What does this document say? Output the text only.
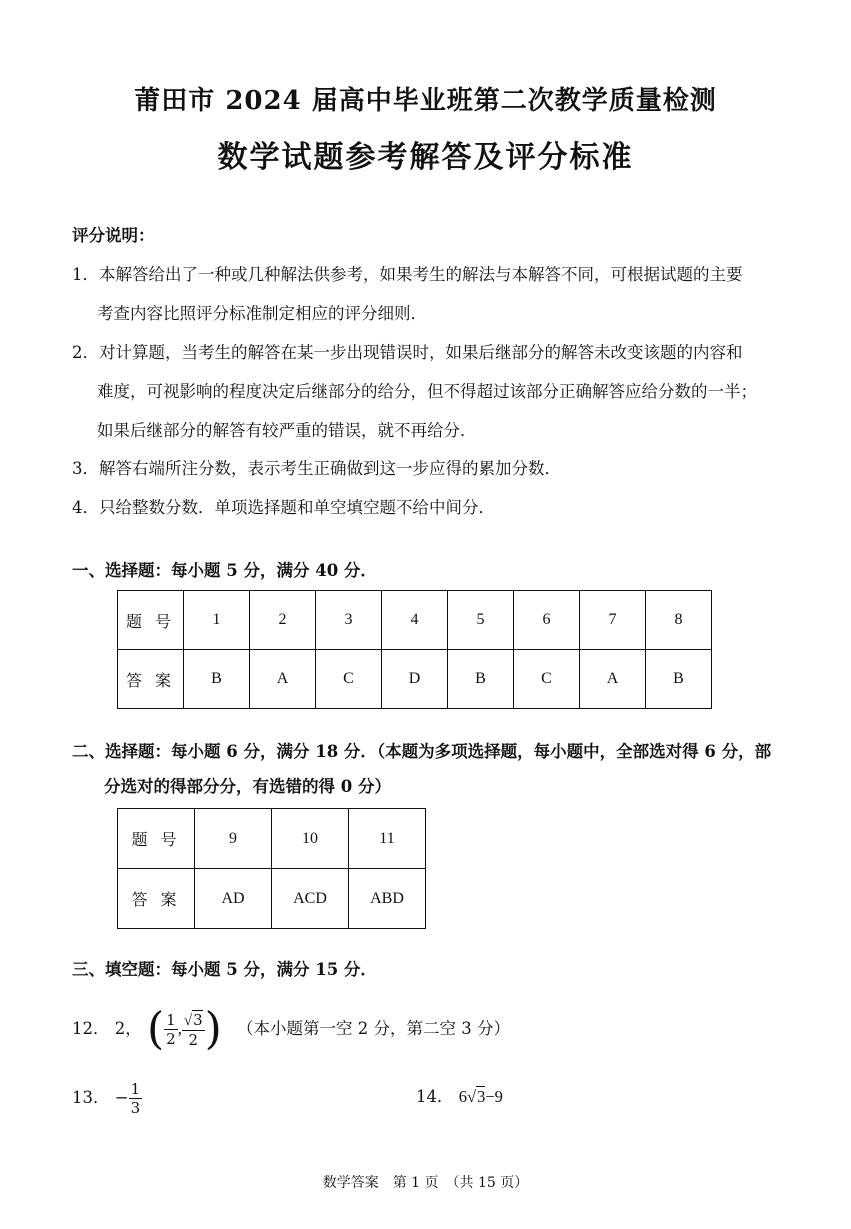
莆田市 2024 届高中毕业班第二次教学质量检测
数学试题参考解答及评分标准
评分说明：
1．本解答给出了一种或几种解法供参考，如果考生的解法与本解答不同，可根据试题的主要
考查内容比照评分标准制定相应的评分细则．
2．对计算题，当考生的解答在某一步出现错误时，如果后继部分的解答未改变该题的内容和
难度，可视影响的程度决定后继部分的给分，但不得超过该部分正确解答应给分数的一半；
如果后继部分的解答有较严重的错误，就不再给分．
3．解答右端所注分数，表示考生正确做到这一步应得的累加分数．
4．只给整数分数．单项选择题和单空填空题不给中间分．
一、选择题：每小题 5 分，满分 40 分．
题 号	1	2	3	4	5	6	7	8
答 案	B	A	C	D	B	C	A	B
二、选择题：每小题 6 分，满分 18 分．（本题为多项选择题，每小题中，全部选对得 6 分，部
分选对的得部分分，有选错的得 0 分）
题 号	9	10	11
答 案	AD	ACD	ABD
三、填空题：每小题 5 分，满分 15 分．
12． 2， ( $\frac{1}{2}$ , $\frac{√3}{2}$ ) （本小题第一空 2 分，第二空 3 分）
13． − $\frac{1}{3}$	14． 6√3−9
数学答案　第 1 页　（共 15 页）
